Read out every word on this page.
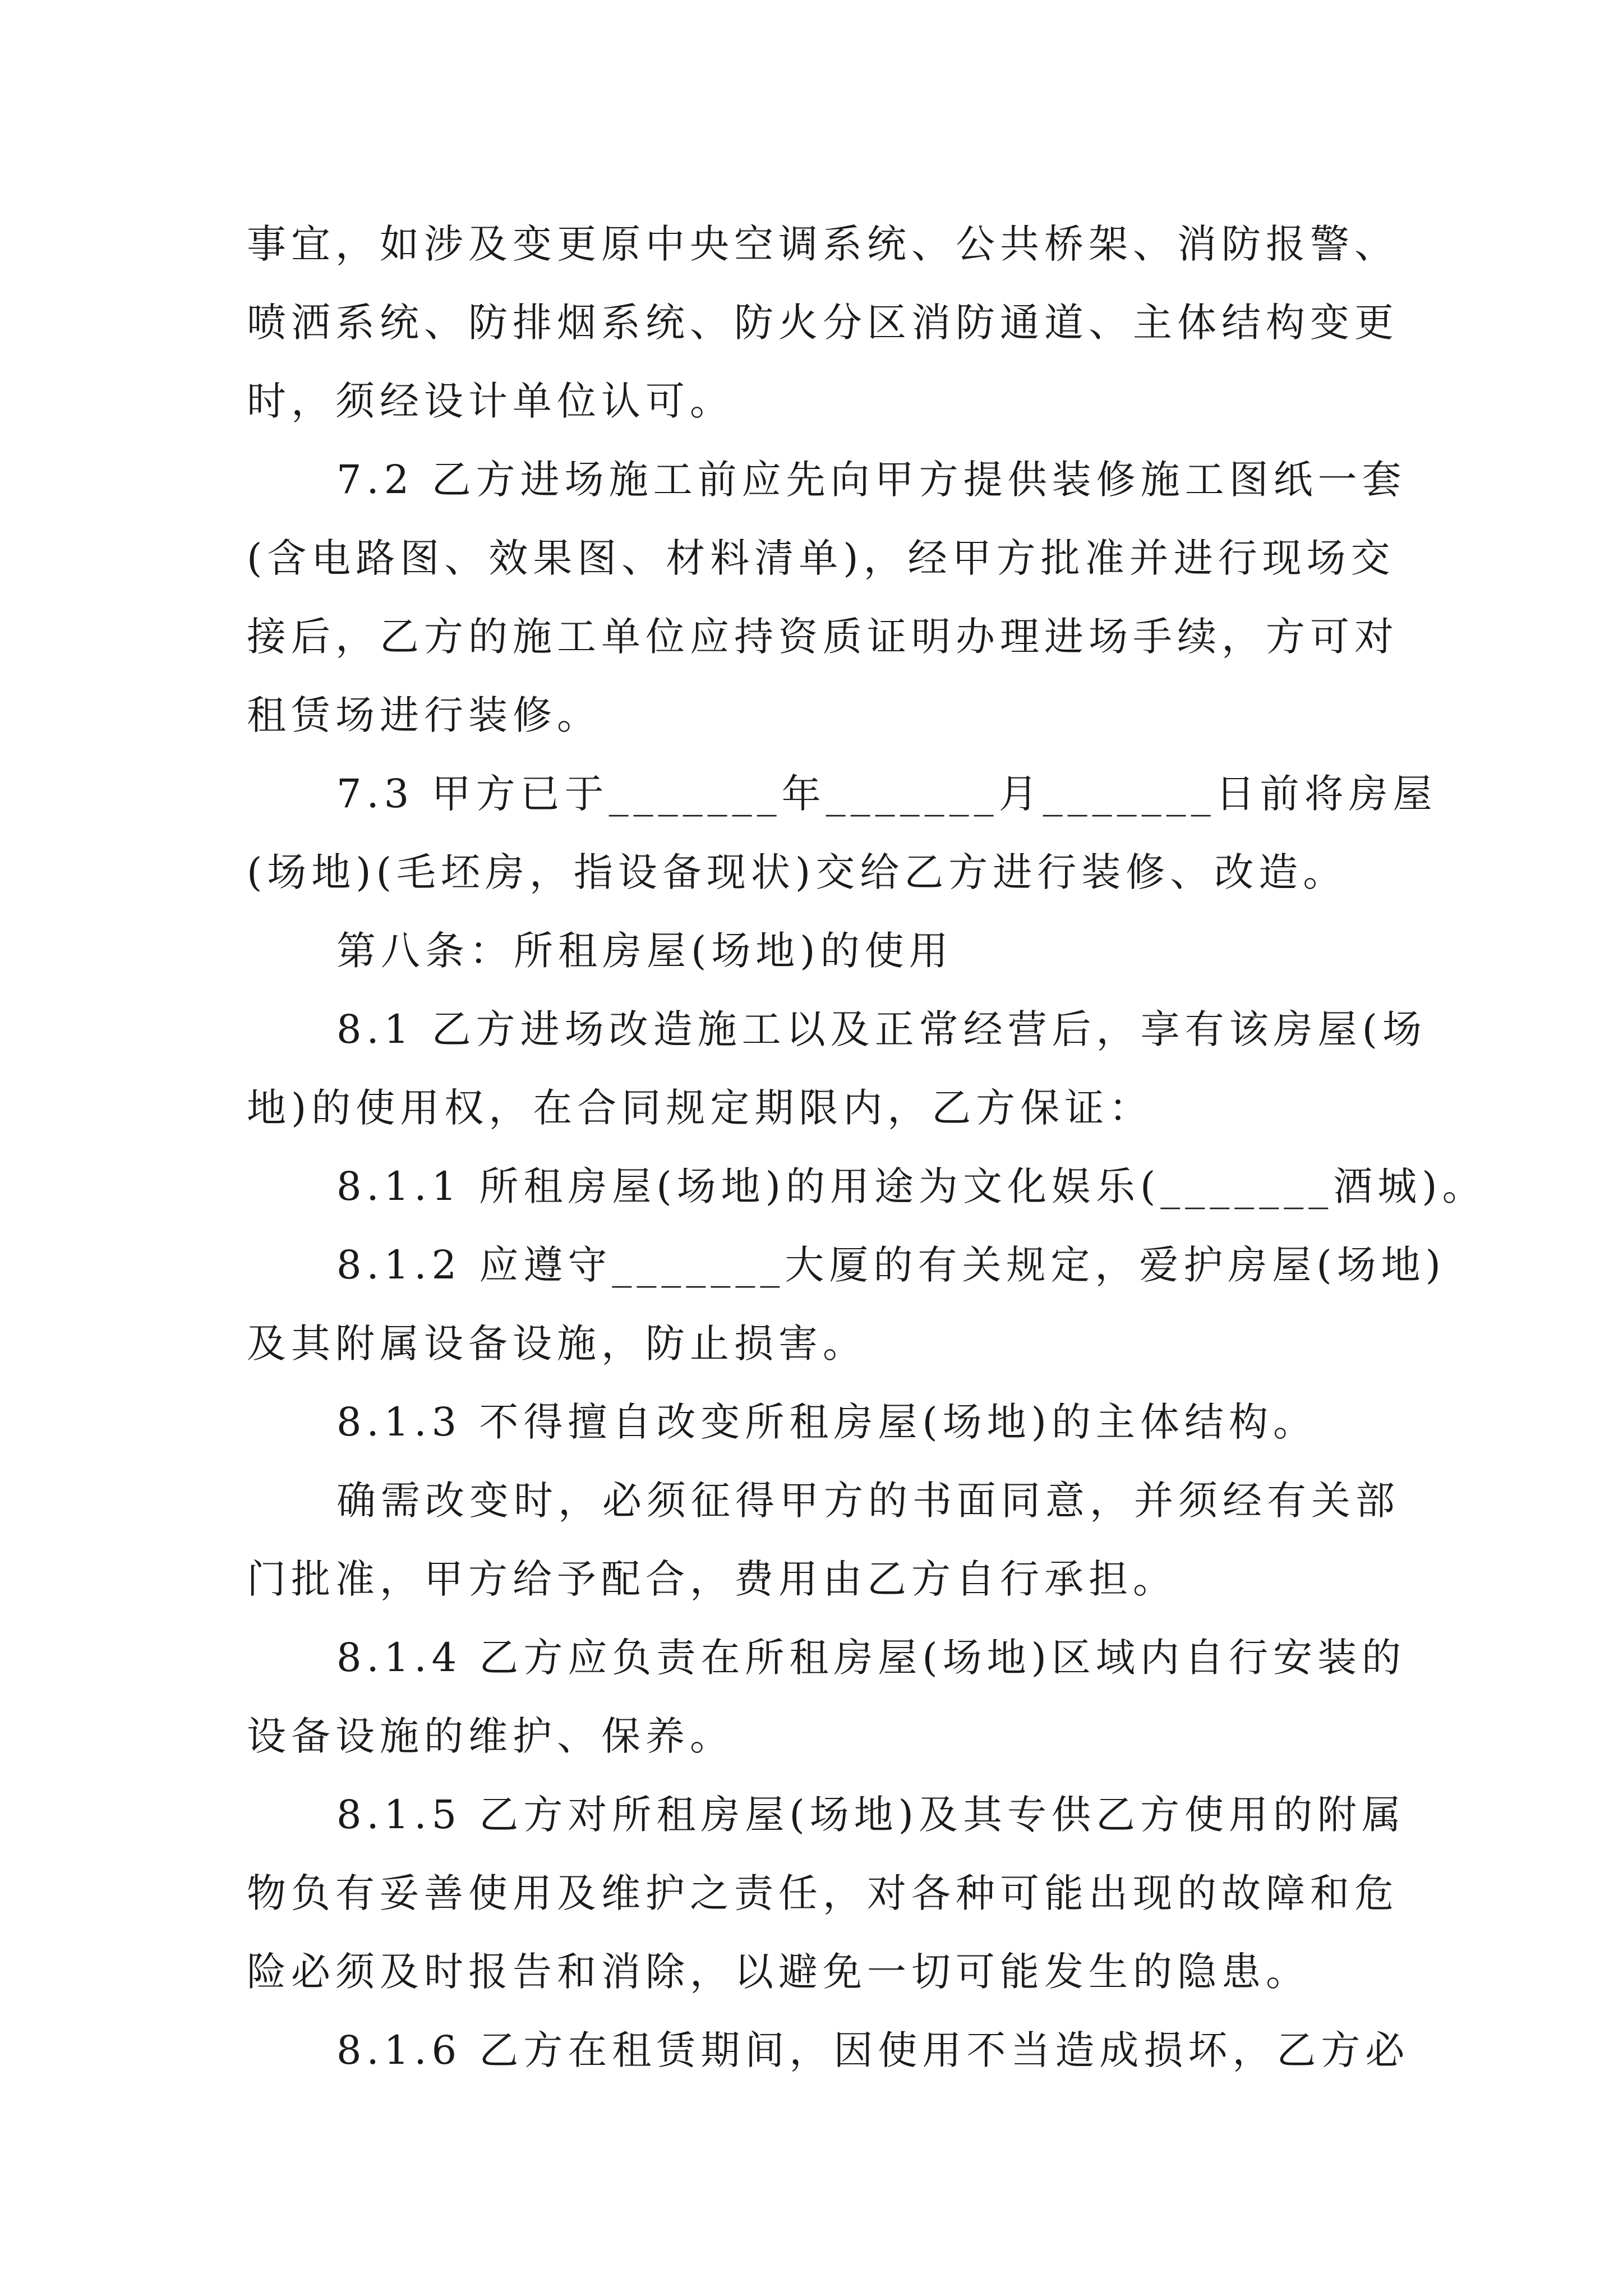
事宜，如涉及变更原中央空调系统、公共桥架、消防报警、
喷洒系统、防排烟系统、防火分区消防通道、主体结构变更
时，须经设计单位认可。
7.2 乙方进场施工前应先向甲方提供装修施工图纸一套
(含电路图、效果图、材料清单)，经甲方批准并进行现场交
接后，乙方的施工单位应持资质证明办理进场手续，方可对
租赁场进行装修。
7.3 甲方已于_______年_______月_______日前将房屋
(场地)(毛坯房，指设备现状)交给乙方进行装修、改造。
第八条：所租房屋(场地)的使用
8.1 乙方进场改造施工以及正常经营后，享有该房屋(场
地)的使用权，在合同规定期限内，乙方保证：
8.1.1 所租房屋(场地)的用途为文化娱乐(_______酒城)。
8.1.2 应遵守_______大厦的有关规定，爱护房屋(场地)
及其附属设备设施，防止损害。
8.1.3 不得擅自改变所租房屋(场地)的主体结构。
确需改变时，必须征得甲方的书面同意，并须经有关部
门批准，甲方给予配合，费用由乙方自行承担。
8.1.4 乙方应负责在所租房屋(场地)区域内自行安装的
设备设施的维护、保养。
8.1.5 乙方对所租房屋(场地)及其专供乙方使用的附属
物负有妥善使用及维护之责任，对各种可能出现的故障和危
险必须及时报告和消除，以避免一切可能发生的隐患。
8.1.6 乙方在租赁期间，因使用不当造成损坏，乙方必
